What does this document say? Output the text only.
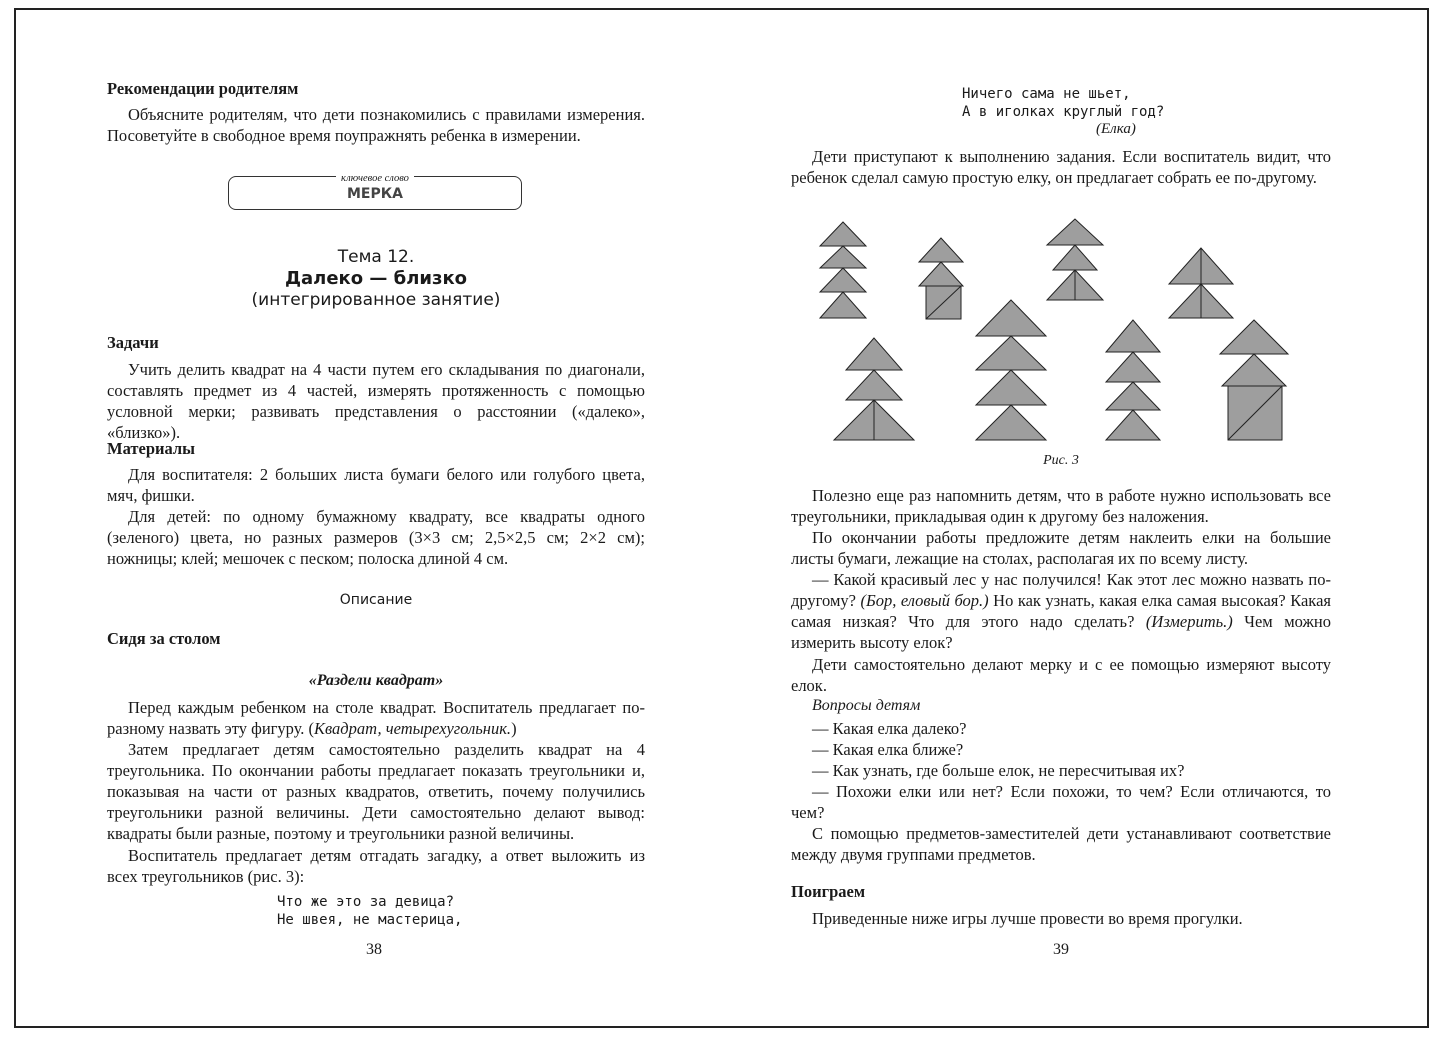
Рекомендации родителям
Объясните родителям, что дети познакомились с правилами измерения. Посоветуйте в свободное время поупражнять ребенка в измерении.
Задачи
Учить делить квадрат на 4 части путем его складывания по диагонали, составлять предмет из 4 частей, измерять протяженность с помощью условной мерки; развивать представления о расстоянии («далеко», «близко»).
Материалы
Для воспитателя: 2 больших листа бумаги белого или голубого цвета, мяч, фишки.
Для детей: по одному бумажному квадрату, все квадраты одного (зеленого) цвета, но разных размеров (3×3 см; 2,5×2,5 см; 2×2 см); ножницы; клей; мешочек с песком; полоска длиной 4 см.
Сидя за столом
«Раздели квадрат»
Перед каждым ребенком на столе квадрат. Воспитатель предлагает по-разному назвать эту фигуру. (Квадрат, четырехугольник.)
Затем предлагает детям самостоятельно разделить квадрат на 4 треугольника. По окончании работы предлагает показать треугольники и, показывая на части от разных квадратов, ответить, почему получились треугольники разной величины. Дети самостоятельно делают вывод: квадраты были разные, поэтому и треугольники разной величины.
Воспитатель предлагает детям отгадать загадку, а ответ выложить из всех треугольников (рис. 3):
Что же это за девица?
Не швея, не мастерица,
ключевое слово
МЕРКА
Тема 12.
Далеко — близко
(интегрированное занятие)
Описание
38
Ничего сама не шьет,
А в иголках круглый год?
(Елка)
Дети приступают к выполнению задания. Если воспитатель видит, что ребенок сделал самую простую елку, он предлагает собрать ее по-другому.
Рис. 3
Полезно еще раз напомнить детям, что в работе нужно использовать все треугольники, прикладывая один к другому без наложения.
По окончании работы предложите детям наклеить елки на большие листы бумаги, лежащие на столах, располагая их по всему листу.
— Какой красивый лес у нас получился! Как этот лес можно назвать по-другому? (Бор, еловый бор.) Но как узнать, какая елка самая высокая? Какая самая низкая? Что для этого надо сделать? (Измерить.) Чем можно измерить высоту елок?
Дети самостоятельно делают мерку и с ее помощью измеряют высоту елок.
Вопросы детям
— Какая елка далеко?
— Какая елка ближе?
— Как узнать, где больше елок, не пересчитывая их?
— Похожи елки или нет? Если похожи, то чем? Если отличаются, то чем?
С помощью предметов-заместителей дети устанавливают соответствие между двумя группами предметов.
Поиграем
Приведенные ниже игры лучше провести во время прогулки.
39
